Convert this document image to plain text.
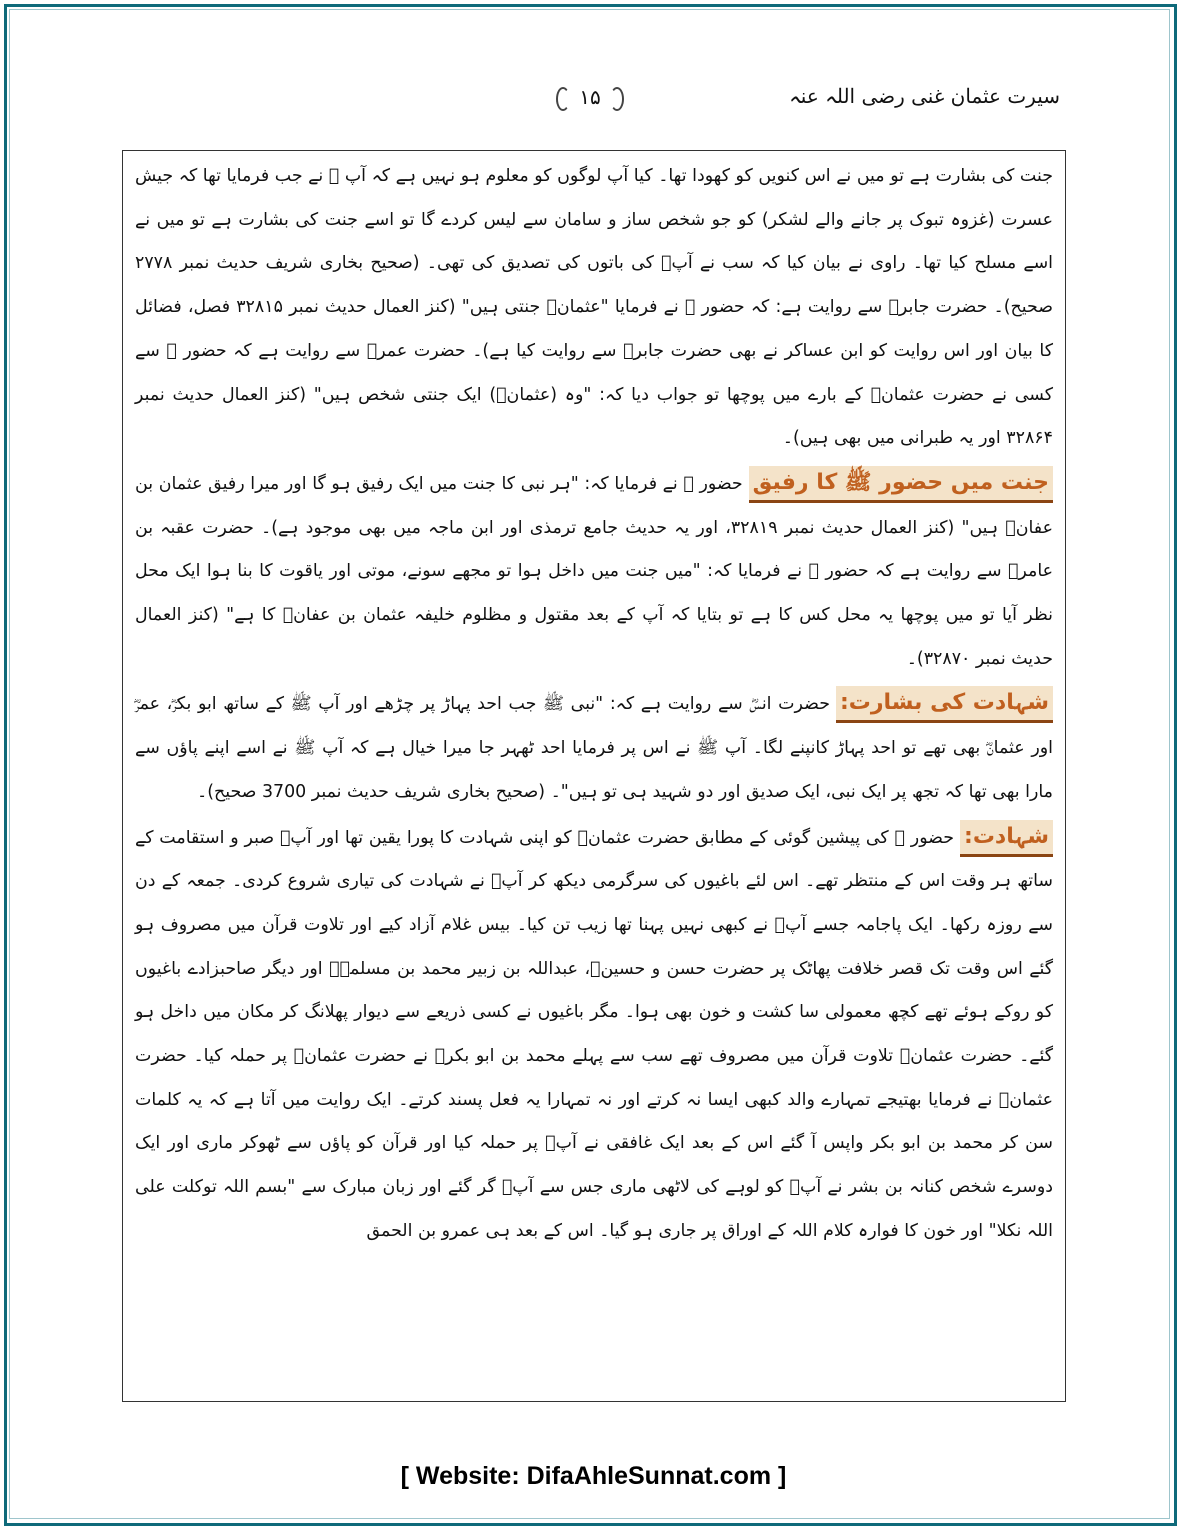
سیرت عثمان غنی رضی اللہ عنہ
۱۵

جنت کی بشارت ہے تو میں نے اس کنویں کو کھودا تھا۔ کیا آپ لوگوں کو معلوم ہو نہیں ہے کہ آپ ﷺ نے جب فرمایا تھا کہ جیش عسرت (غزوہ تبوک پر جانے والے لشکر) کو جو شخص ساز و سامان سے لیس کردے گا تو اسے جنت کی بشارت ہے تو میں نے اسے مسلح کیا تھا۔ راوی نے بیان کیا کہ سب نے آپؓ کی باتوں کی تصدیق کی تھی۔ (صحیح بخاری شریف حدیث نمبر ۲۷۷۸ صحیح)۔ حضرت جابرؓ سے روایت ہے: کہ حضور ﷺ نے فرمایا "عثمانؓ جنتی ہیں" (کنز العمال حدیث نمبر ۳۲۸۱۵ فصل، فضائل کا بیان اور اس روایت کو ابن عساکر نے بھی حضرت جابرؓ سے روایت کیا ہے)۔ حضرت عمرؓ سے روایت ہے کہ حضور ﷺ سے کسی نے حضرت عثمانؓ کے بارے میں پوچھا تو جواب دیا کہ: "وہ (عثمانؓ) ایک جنتی شخص ہیں" (کنز العمال حدیث نمبر ۳۲۸۶۴ اور یہ طبرانی میں بھی ہیں)۔

جنت میں حضور ﷺ کا رفیقحضور ﷺ نے فرمایا کہ: "ہر نبی کا جنت میں ایک رفیق ہو گا اور میرا رفیق عثمان بن عفانؓ ہیں" (کنز العمال حدیث نمبر ۳۲۸۱۹، اور یہ حدیث جامع ترمذی اور ابن ماجہ میں بھی موجود ہے)۔ حضرت عقبہ بن عامرؓ سے روایت ہے کہ حضور ﷺ نے فرمایا کہ: "میں جنت میں داخل ہوا تو مجھے سونے، موتی اور یاقوت کا بنا ہوا ایک محل نظر آیا تو میں پوچھا یہ محل کس کا ہے تو بتایا کہ آپ کے بعد مقتول و مظلوم خلیفہ عثمان بن عفانؓ کا ہے" (کنز العمال حدیث نمبر ۳۲۸۷۰)۔

شہادت کی بشارت:حضرت انسؓ سے روایت ہے کہ: "نبی ﷺ جب احد پہاڑ پر چڑھے اور آپ ﷺ کے ساتھ ابو بکرؓ، عمرؓ اور عثمانؓ بھی تھے تو احد پہاڑ کانپنے لگا۔ آپ ﷺ نے اس پر فرمایا احد ٹھہر جا میرا خیال ہے کہ آپ ﷺ نے اسے اپنے پاؤں سے مارا بھی تھا کہ تجھ پر ایک نبی، ایک صدیق اور دو شہید ہی تو ہیں"۔ (صحیح بخاری شریف حدیث نمبر 3700 صحیح)۔

شہادت:حضور ﷺ کی پیشین گوئی کے مطابق حضرت عثمانؓ کو اپنی شہادت کا پورا یقین تھا اور آپؓ صبر و استقامت کے ساتھ ہر وقت اس کے منتظر تھے۔ اس لئے باغیوں کی سرگرمی دیکھ کر آپؓ نے شہادت کی تیاری شروع کردی۔ جمعہ کے دن سے روزہ رکھا۔ ایک پاجامہ جسے آپؓ نے کبھی نہیں پہنا تھا زیب تن کیا۔ بیس غلام آزاد کیے اور تلاوت قرآن میں مصروف ہو گئے اس وقت تک قصر خلافت پھاٹک پر حضرت حسن و حسینؓ، عبداللہ بن زبیر محمد بن مسلمہؓ اور دیگر صاحبزادے باغیوں کو روکے ہوئے تھے کچھ معمولی سا کشت و خون بھی ہوا۔ مگر باغیوں نے کسی ذریعے سے دیوار پھلانگ کر مکان میں داخل ہو گئے۔ حضرت عثمانؓ تلاوت قرآن میں مصروف تھے سب سے پہلے محمد بن ابو بکرؓ نے حضرت عثمانؓ پر حملہ کیا۔ حضرت عثمانؓ نے فرمایا بھتیجے تمہارے والد کبھی ایسا نہ کرتے اور نہ تمہارا یہ فعل پسند کرتے۔ ایک روایت میں آتا ہے کہ یہ کلمات سن کر محمد بن ابو بکر واپس آ گئے اس کے بعد ایک غافقی نے آپؓ پر حملہ کیا اور قرآن کو پاؤں سے ٹھوکر ماری اور ایک دوسرے شخص کنانہ بن بشر نے آپؓ کو لوہے کی لاٹھی ماری جس سے آپؓ گر گئے اور زبان مبارک سے "بسم اللہ توکلت علی اللہ نکلا" اور خون کا فوارہ کلام اللہ کے اوراق پر جاری ہو گیا۔ اس کے بعد ہی عمرو بن الحمق

[ Website: DifaAhleSunnat.com ]
